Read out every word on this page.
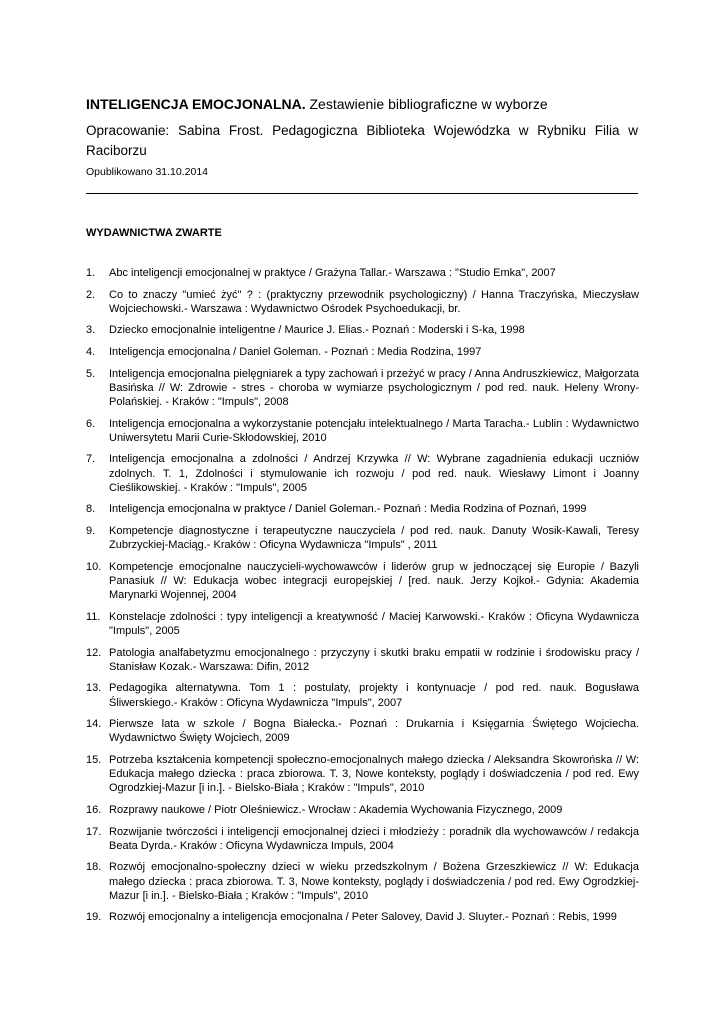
INTELIGENCJA EMOCJONALNA. Zestawienie bibliograficzne w wyborze
Opracowanie: Sabina Frost. Pedagogiczna Biblioteka Wojewódzka w Rybniku Filia w Raciborzu
Opublikowano 31.10.2014
WYDAWNICTWA ZWARTE
1. Abc inteligencji emocjonalnej w praktyce / Grażyna Tallar.- Warszawa : "Studio Emka", 2007
2. Co to znaczy "umieć żyć" ? : (praktyczny przewodnik psychologiczny) / Hanna Traczyńska, Mieczysław Wojciechowski.- Warszawa : Wydawnictwo Ośrodek Psychoedukacji, br.
3. Dziecko emocjonalnie inteligentne / Maurice J. Elias.- Poznań : Moderski i S-ka, 1998
4. Inteligencja emocjonalna / Daniel Goleman. - Poznań : Media Rodzina, 1997
5. Inteligencja emocjonalna pielęgniarek a typy zachowań i przeżyć w pracy / Anna Andruszkiewicz, Małgorzata Basińska // W: Zdrowie - stres - choroba w wymiarze psychologicznym / pod red. nauk. Heleny Wrony-Polańskiej. - Kraków : "Impuls", 2008
6. Inteligencja emocjonalna a wykorzystanie potencjału intelektualnego / Marta Taracha.- Lublin : Wydawnictwo Uniwersytetu Marii Curie-Skłodowskiej, 2010
7. Inteligencja emocjonalna a zdolności / Andrzej Krzywka // W: Wybrane zagadnienia edukacji uczniów zdolnych. T. 1, Zdolności i stymulowanie ich rozwoju / pod red. nauk. Wiesławy Limont i Joanny Cieślikowskiej. - Kraków : "Impuls", 2005
8. Inteligencja emocjonalna w praktyce / Daniel Goleman.- Poznań : Media Rodzina of Poznań, 1999
9. Kompetencje diagnostyczne i terapeutyczne nauczyciela / pod red. nauk. Danuty Wosik-Kawali, Teresy Zubrzyckiej-Maciąg.- Kraków : Oficyna Wydawnicza "Impuls" , 2011
10. Kompetencje emocjonalne nauczycieli-wychowawców i liderów grup w jednoczącej się Europie / Bazyli Panasiuk // W: Edukacja wobec integracji europejskiej / [red. nauk. Jerzy Kojkoł.- Gdynia: Akademia Marynarki Wojennej, 2004
11. Konstelacje zdolności : typy inteligencji a kreatywność / Maciej Karwowski.- Kraków : Oficyna Wydawnicza "Impuls", 2005
12. Patologia analfabetyzmu emocjonalnego : przyczyny i skutki braku empatii w rodzinie i środowisku pracy / Stanisław Kozak.- Warszawa: Difin, 2012
13. Pedagogika alternatywna. Tom 1 : postulaty, projekty i kontynuacje / pod red. nauk. Bogusława Śliwerskiego.- Kraków : Oficyna Wydawnicza "Impuls", 2007
14. Pierwsze lata w szkole / Bogna Białecka.- Poznań : Drukarnia i Księgarnia Świętego Wojciecha. Wydawnictwo Święty Wojciech, 2009
15. Potrzeba kształcenia kompetencji społeczno-emocjonalnych małego dziecka / Aleksandra Skowrońska // W: Edukacja małego dziecka : praca zbiorowa. T. 3, Nowe konteksty, poglądy i doświadczenia / pod red. Ewy Ogrodzkiej-Mazur [i in.]. - Bielsko-Biała ; Kraków : "Impuls", 2010
16. Rozprawy naukowe / Piotr Oleśniewicz.- Wrocław : Akademia Wychowania Fizycznego, 2009
17. Rozwijanie twórczości i inteligencji emocjonalnej dzieci i młodzieży : poradnik dla wychowawców / redakcja Beata Dyrda.- Kraków : Oficyna Wydawnicza Impuls, 2004
18. Rozwój emocjonalno-społeczny dzieci w wieku przedszkolnym / Bożena Grzeszkiewicz // W: Edukacja małego dziecka : praca zbiorowa. T. 3, Nowe konteksty, poglądy i doświadczenia / pod red. Ewy Ogrodzkiej-Mazur [i in.]. - Bielsko-Biała ; Kraków : "Impuls", 2010
19. Rozwój emocjonalny a inteligencja emocjonalna / Peter Salovey, David J. Sluyter.- Poznań : Rebis, 1999
